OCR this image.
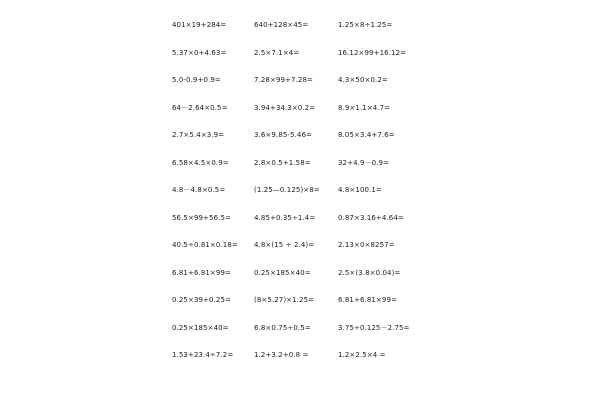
401×19+284=	640+128×45=	1.25×8÷1.25=
5.37×0+4.63=	2.5×7.1×4=	16.12×99+16.12=
5.0-0.9+0.9=	7.28×99+7.28=	4.3×50×0.2=
64－2.64×0.5=	3.94+34.3×0.2=	8.9×1.1×4.7=
2.7×5.4×3.9=	3.6×9.85-5.46=	8.05×3.4+7.6=
6.58×4.5×0.9=	2.8×0.5+1.58=	32+4.9－0.9=
4.8－4.8×0.5=	(1.25—0.125)×8=	4.8×100.1=
56.5×99+56.5=	4.85+0.35÷1.4=	0.87×3.16+4.64=
40.5÷0.81×0.18= 4.8×(15 ÷ 2.4)=	2.13×0×8257=
6.81+6.81×99=	0.25×185×40=	2.5×(3.8×0.04)=
0.25×39+0.25=	(8×5.27)×1.25=	6.81+6.81×99=
0.25×185×40=	6.8×0.75÷0.5=	3.75÷0.125－2.75=
1.53+23.4÷7.2=	1.2+3.2+0.8 =	1.2×2.5×4 =
